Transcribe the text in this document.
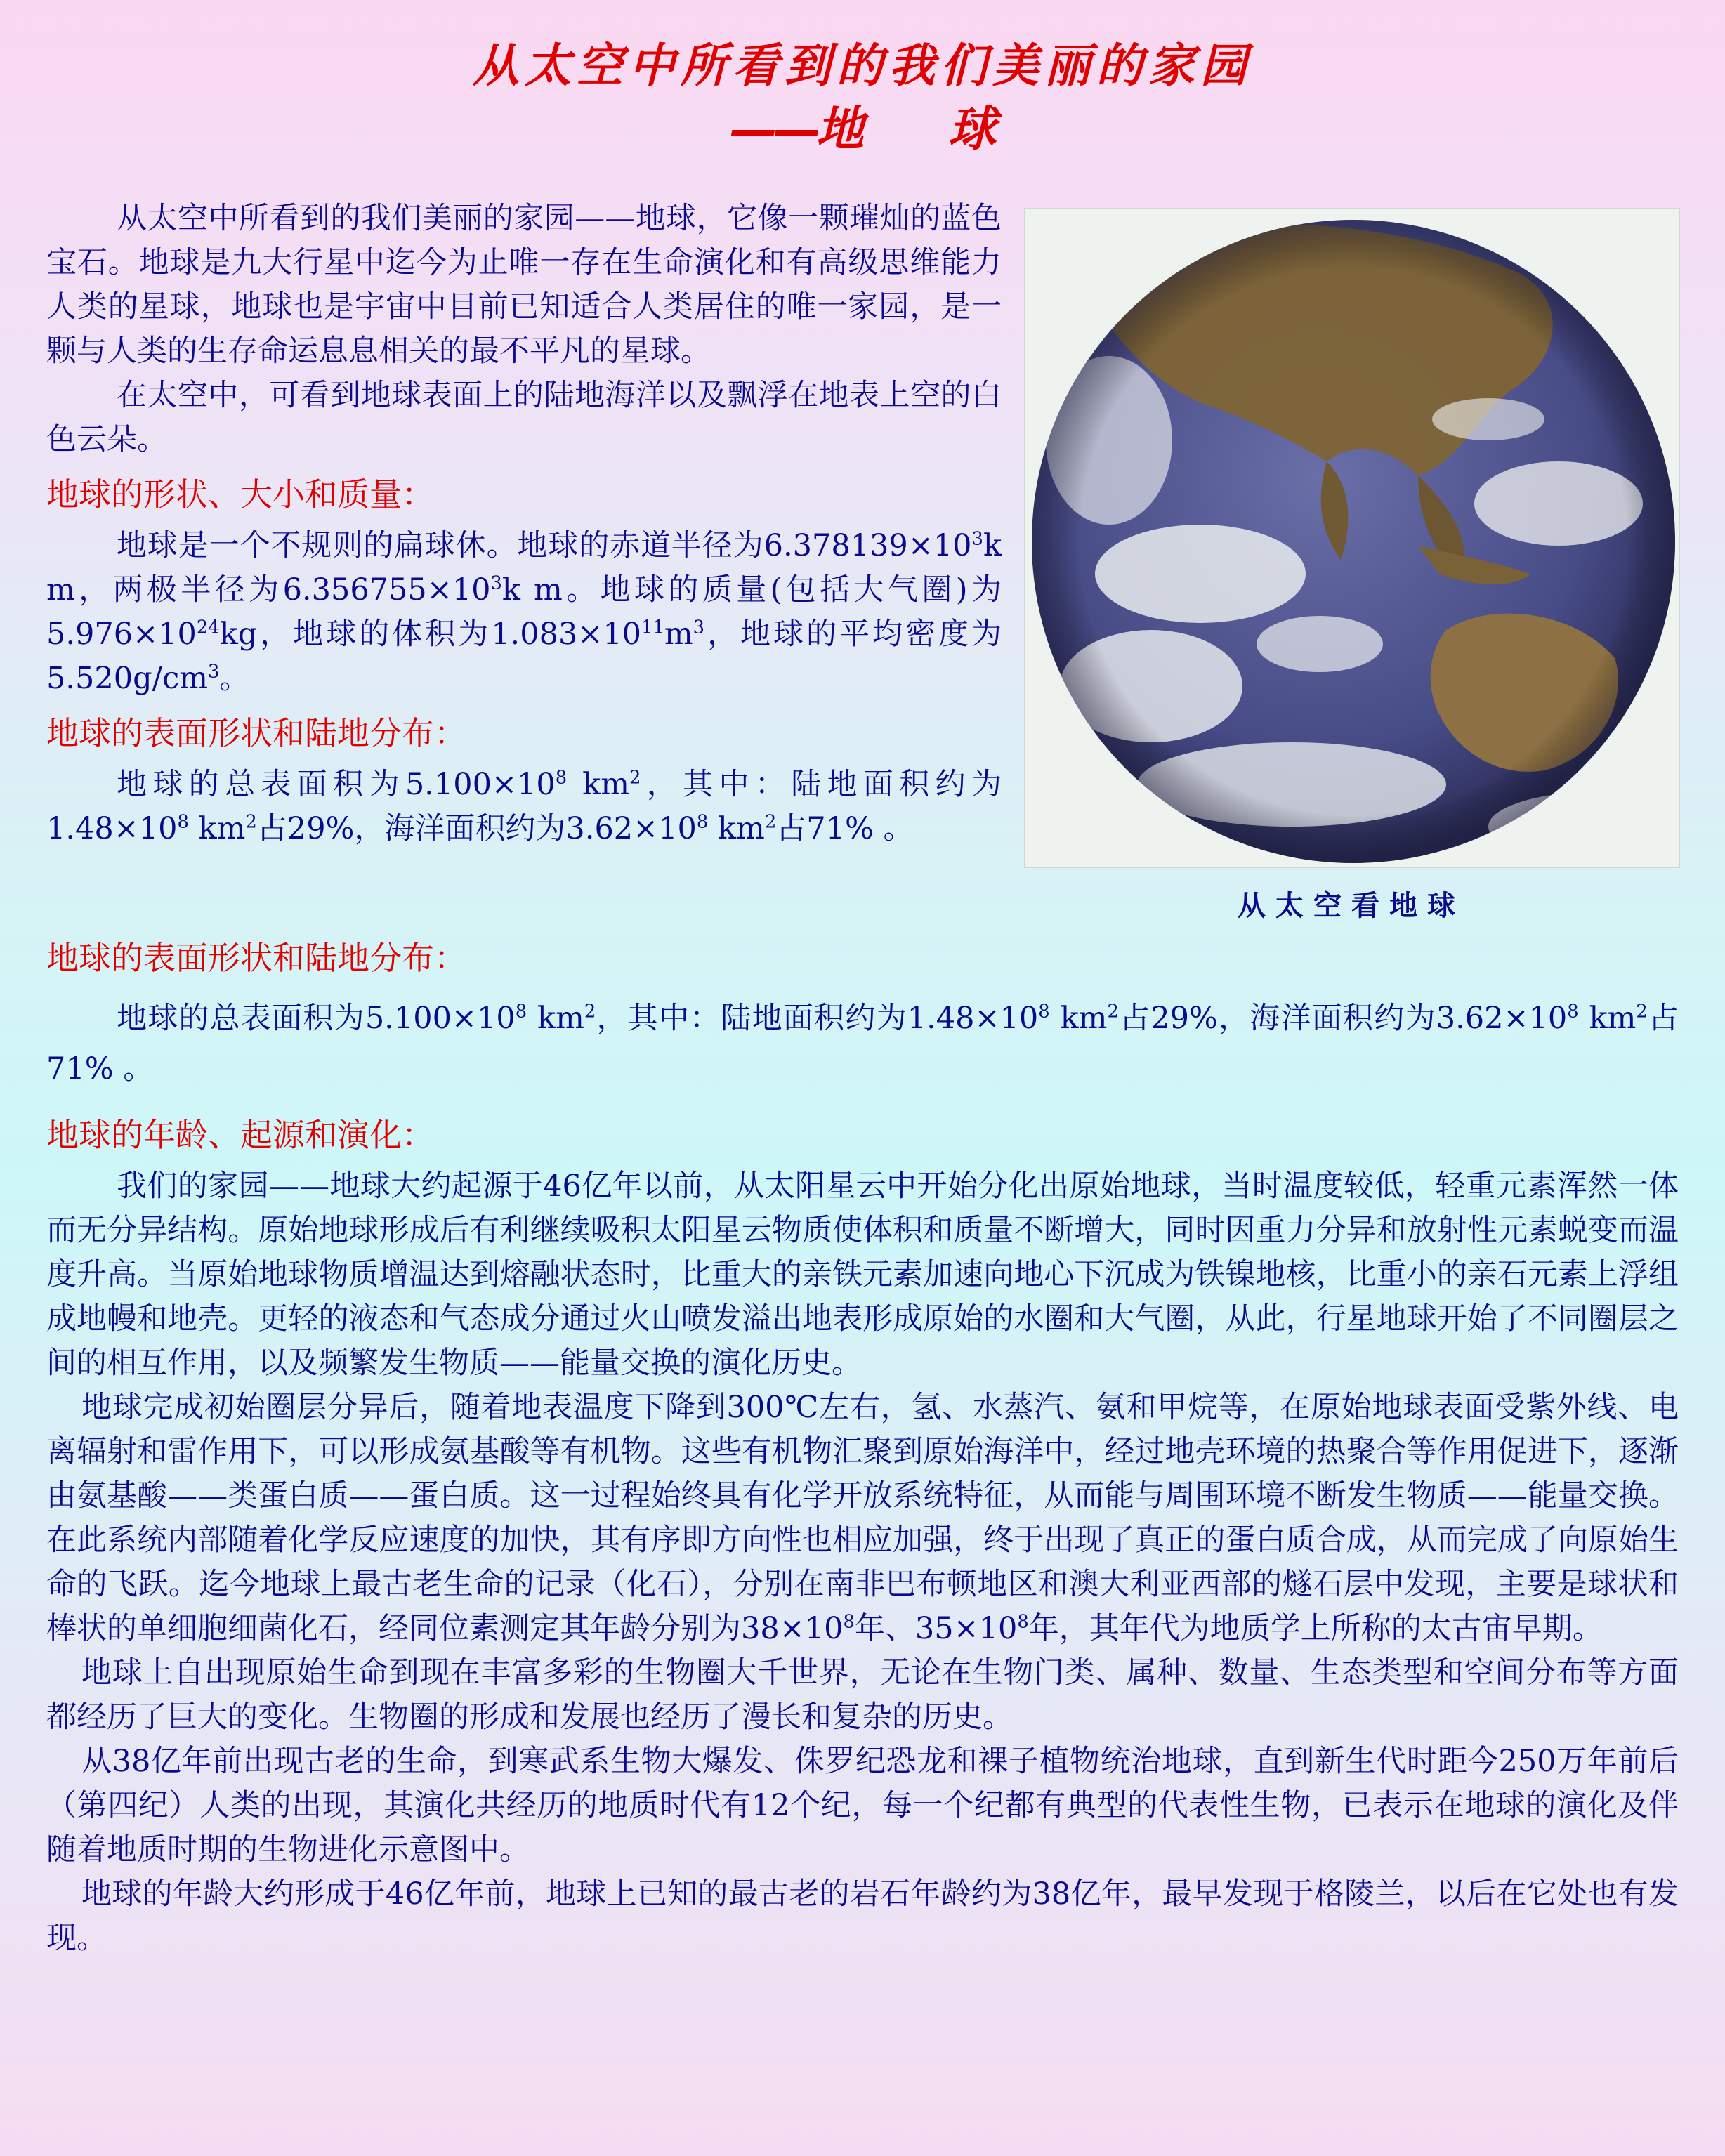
从太空中所看到的我们美丽的家园
——地 球

从太空中所看到的我们美丽的家园——地球，它像一颗璀灿的蓝色宝石。地球是九大行星中迄今为止唯一存在生命演化和有高级思维能力人类的星球，地球也是宇宙中目前已知适合人类居住的唯一家园，是一颗与人类的生存命运息息相关的最不平凡的星球。

在太空中，可看到地球表面上的陆地海洋以及飘浮在地表上空的白色云朵。

地球的形状、大小和质量：

地球是一个不规则的扁球休。地球的赤道半径为$6.378139\times 10^3k$ m，两极半径为$6.356755\times 10^3k$ m。地球的质量(包括大气圈)为$5.976\times 10^{24}kg$，地球的体积为$1.083\times 10^{11}m^3$，地球的平均密度为$5.520g/cm^3$。

地球的表面形状和陆地分布：

地球的总表面积为$5.100\times 10^8$ $km^2$，其中：陆地面积约为$1.48\times 10^8$ $km^2$占29%，海洋面积约为$3.62\times 10^8$ $km^2$占71% 。

从太空看地球
地球的表面形状和陆地分布：

地球的总表面积为$5.100\times 10^8$ $km^2$，其中：陆地面积约为$1.48\times 10^8$ $km^2$占29%，海洋面积约为$3.62\times 10^8$ $km^2$占71% 。

地球的年龄、起源和演化：

我们的家园——地球大约起源于46亿年以前，从太阳星云中开始分化出原始地球，当时温度较低，轻重元素浑然一体而无分异结构。原始地球形成后有利继续吸积太阳星云物质使体积和质量不断增大，同时因重力分异和放射性元素蜕变而温度升高。当原始地球物质增温达到熔融状态时，比重大的亲铁元素加速向地心下沉成为铁镍地核，比重小的亲石元素上浮组成地幔和地壳。更轻的液态和气态成分通过火山喷发溢出地表形成原始的水圈和大气圈，从此，行星地球开始了不同圈层之间的相互作用，以及频繁发生物质——能量交换的演化历史。

地球完成初始圈层分异后，随着地表温度下降到300℃左右，氢、水蒸汽、氨和甲烷等，在原始地球表面受紫外线、电离辐射和雷作用下，可以形成氨基酸等有机物。这些有机物汇聚到原始海洋中，经过地壳环境的热聚合等作用促进下，逐渐由氨基酸——类蛋白质——蛋白质。这一过程始终具有化学开放系统特征，从而能与周围环境不断发生物质——能量交换。在此系统内部随着化学反应速度的加快，其有序即方向性也相应加强，终于出现了真正的蛋白质合成，从而完成了向原始生命的飞跃。迄今地球上最古老生命的记录（化石），分别在南非巴布顿地区和澳大利亚西部的燧石层中发现，主要是球状和棒状的单细胞细菌化石，经同位素测定其年龄分别为$38\times 10^8$年、$35\times 10^8$年，其年代为地质学上所称的太古宙早期。

地球上自出现原始生命到现在丰富多彩的生物圈大千世界，无论在生物门类、属种、数量、生态类型和空间分布等方面都经历了巨大的变化。生物圈的形成和发展也经历了漫长和复杂的历史。

从38亿年前出现古老的生命，到寒武系生物大爆发、侏罗纪恐龙和裸子植物统治地球，直到新生代时距今250万年前后（第四纪）人类的出现，其演化共经历的地质时代有12个纪，每一个纪都有典型的代表性生物，已表示在地球的演化及伴随着地质时期的生物进化示意图中。

地球的年龄大约形成于46亿年前，地球上已知的最古老的岩石年龄约为38亿年，最早发现于格陵兰，以后在它处也有发现。
